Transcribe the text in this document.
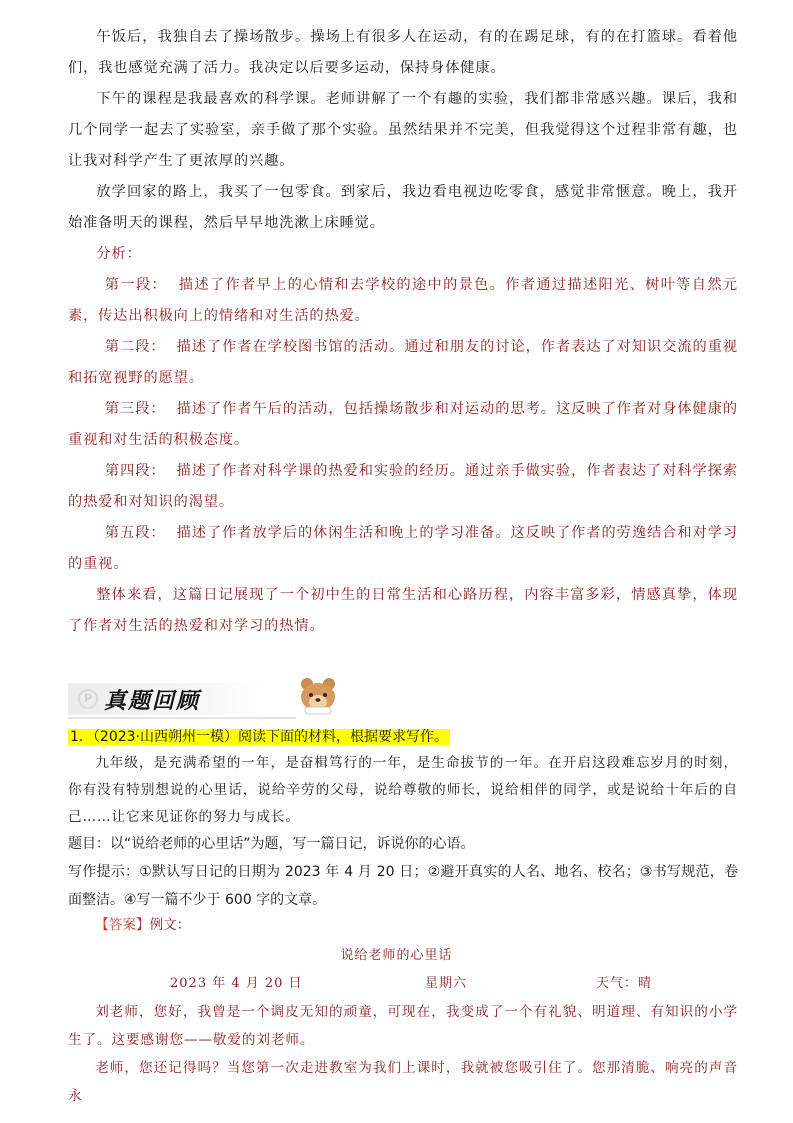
午饭后，我独自去了操场散步。操场上有很多人在运动，有的在踢足球，有的在打篮球。看着他们，我也感觉充满了活力。我决定以后要多运动，保持身体健康。

下午的课程是我最喜欢的科学课。老师讲解了一个有趣的实验，我们都非常感兴趣。课后，我和几个同学一起去了实验室，亲手做了那个实验。虽然结果并不完美，但我觉得这个过程非常有趣，也让我对科学产生了更浓厚的兴趣。

放学回家的路上，我买了一包零食。到家后，我边看电视边吃零食，感觉非常惬意。晚上，我开始准备明天的课程，然后早早地洗漱上床睡觉。

分析：

第一段： 描述了作者早上的心情和去学校的途中的景色。作者通过描述阳光、树叶等自然元素，传达出积极向上的情绪和对生活的热爱。

第二段： 描述了作者在学校图书馆的活动。通过和朋友的讨论，作者表达了对知识交流的重视和拓宽视野的愿望。

第三段： 描述了作者午后的活动，包括操场散步和对运动的思考。这反映了作者对身体健康的重视和对生活的积极态度。

第四段： 描述了作者对科学课的热爱和实验的经历。通过亲手做实验，作者表达了对科学探索的热爱和对知识的渴望。

第五段： 描述了作者放学后的休闲生活和晚上的学习准备。这反映了作者的劳逸结合和对学习的重视。

整体来看，这篇日记展现了一个初中生的日常生活和心路历程，内容丰富多彩，情感真挚，体现了作者对生活的热爱和对学习的热情。

P 真题回顾
1．（2023·山西朔州一模）阅读下面的材料，根据要求写作。

九年级，是充满希望的一年，是奋楫笃行的一年，是生命拔节的一年。在开启这段难忘岁月的时刻，你有没有特别想说的心里话，说给辛劳的父母，说给尊敬的师长，说给相伴的同学，或是说给十年后的自己……让它来见证你的努力与成长。

题目：以“说给老师的心里话”为题，写一篇日记，诉说你的心语。

写作提示：①默认写日记的日期为 2023 年 4 月 20 日；②避开真实的人名、地名、校名；③书写规范，卷面整洁。④写一篇不少于 600 字的文章。

【答案】例文：

说给老师的心里话
2023 年 4 月 20 日	星期六	天气：晴

刘老师，您好，我曾是一个调皮无知的顽童，可现在，我变成了一个有礼貌、明道理、有知识的小学生了。这要感谢您——敬爱的刘老师。

老师，您还记得吗？当您第一次走进教室为我们上课时，我就被您吸引住了。您那清脆、响亮的声音永
